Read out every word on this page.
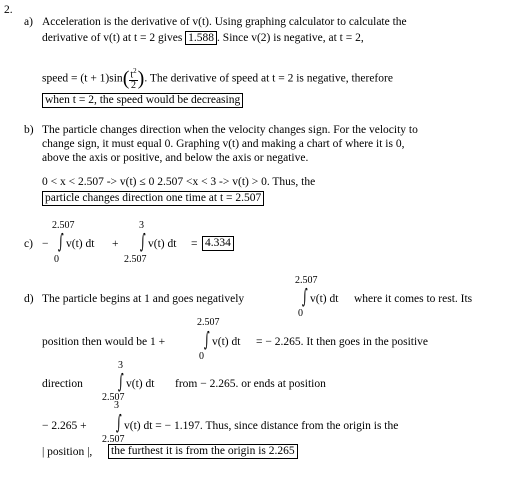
2.
a) Acceleration is the derivative of v(t). Using graphing calculator to calculate the
derivative of v(t) at t = 2 gives 1.588 . Since v(2) is negative, at t = 2,
speed = $(t + 1)\sin( \frac{t^2}{2}$ ). The derivative of speed at t = 2 is negative, therefore
when t = 2, the speed would be decreasing
b) The particle changes direction when the velocity changes sign. For the velocity to
change sign, it must equal 0. Graphing v(t) and making a chart of where it is 0,
above the axis or positive, and below the axis or negative.
0 < x < 2.507 -> v(t) ≤ 0 2.507 <x < 3 -> v(t) > 0. Thus, the
particle changes direction one time at t = 2.507
c) −
2.507
∫
0
v(t) dt +
3
∫
2.507
v(t) dt = 4.334
d) The particle begins at 1 and goes negatively
2.507
∫
0
v(t) dt where it comes to rest. Its
position then would be 1 +
2.507
∫
0
v(t) dt = − 2.265. It then goes in the positive
direction
3
∫
2.507
v(t) dt from − 2.265. or ends at position
− 2.265 +
3
∫
2.507
v(t) dt = − 1.197. Thus, since distance from the origin is the
| position |, the furthest it is from the origin is 2.265
